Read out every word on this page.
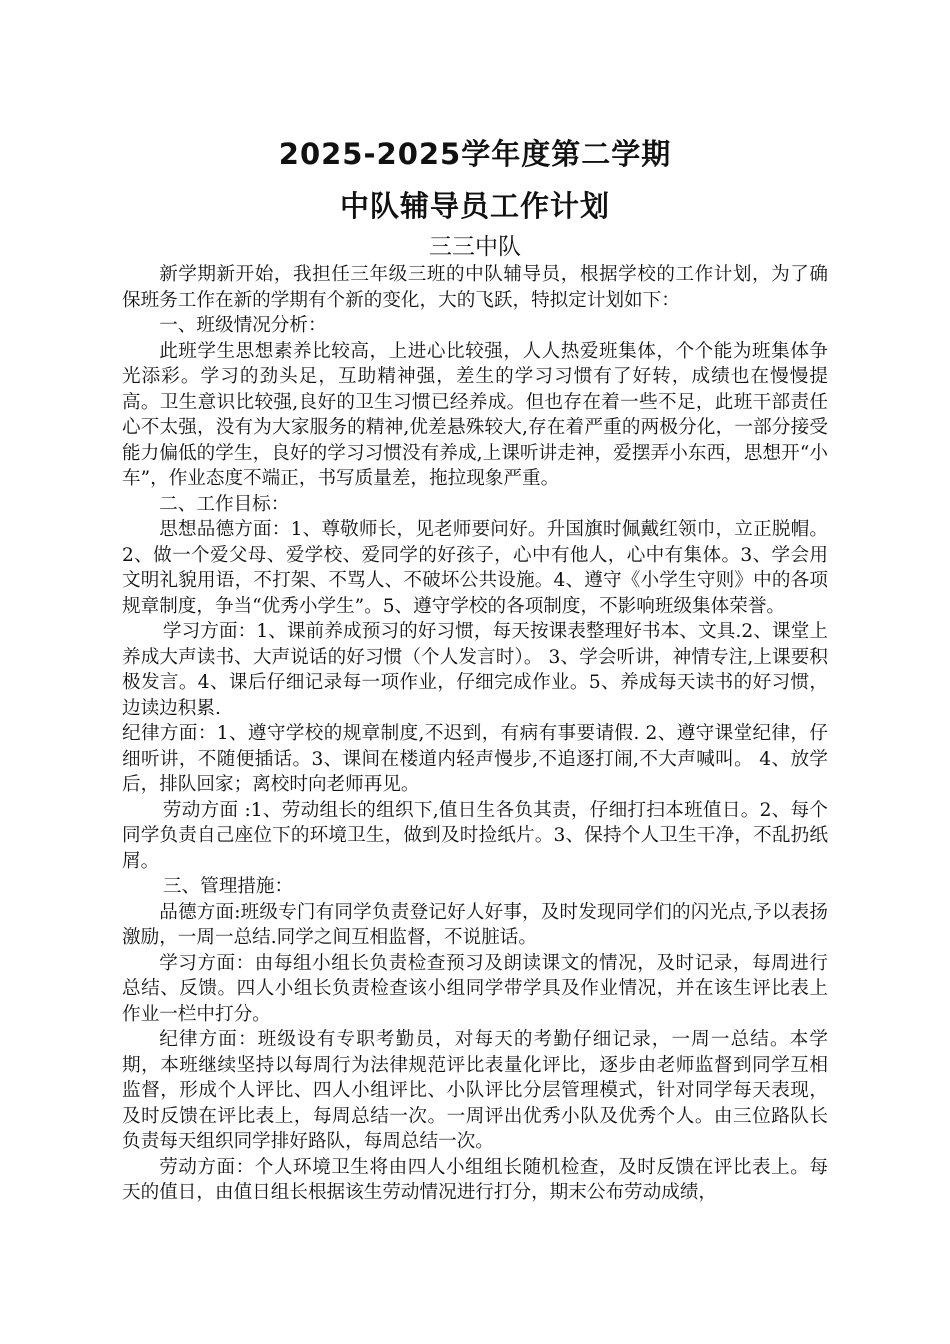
2025-2025学年度第二学期

中队辅导员工作计划

三三中队

新学期新开始，我担任三年级三班的中队辅导员，根据学校的工作计划，为了确保班务工作在新的学期有个新的变化，大的飞跃，特拟定计划如下：

一、班级情况分析：

此班学生思想素养比较高，上进心比较强，人人热爱班集体，个个能为班集体争光添彩。学习的劲头足，互助精神强，差生的学习习惯有了好转，成绩也在慢慢提高。卫生意识比较强,良好的卫生习惯已经养成。但也存在着一些不足，此班干部责任心不太强，没有为大家服务的精神,优差悬殊较大,存在着严重的两极分化，一部分接受能力偏低的学生，良好的学习习惯没有养成,上课听讲走神，爱摆弄小东西，思想开“小车”，作业态度不端正，书写质量差，拖拉现象严重。

二、工作目标：

思想品德方面：1、尊敬师长，见老师要问好。升国旗时佩戴红领巾，立正脱帽。2、做一个爱父母、爱学校、爱同学的好孩子，心中有他人，心中有集体。3、学会用文明礼貌用语，不打架、不骂人、不破坏公共设施。4、遵守《小学生守则》中的各项规章制度，争当“优秀小学生”。5、遵守学校的各项制度，不影响班级集体荣誉。

学习方面：1、课前养成预习的好习惯，每天按课表整理好书本、文具.2、课堂上养成大声读书、大声说话的好习惯（个人发言时）。 3、学会听讲，神情专注,上课要积极发言。4、课后仔细记录每一项作业，仔细完成作业。5、养成每天读书的好习惯，边读边积累.

纪律方面：1、遵守学校的规章制度,不迟到，有病有事要请假. 2、遵守课堂纪律，仔细听讲，不随便插话。3、课间在楼道内轻声慢步,不追逐打闹,不大声喊叫。 4、放学后，排队回家；离校时向老师再见。

劳动方面 :1、劳动组长的组织下,值日生各负其责，仔细打扫本班值日。2、每个同学负责自己座位下的环境卫生，做到及时捡纸片。3、保持个人卫生干净，不乱扔纸屑。

三、管理措施：

品德方面:班级专门有同学负责登记好人好事，及时发现同学们的闪光点,予以表扬激励，一周一总结.同学之间互相监督，不说脏话。

学习方面：由每组小组长负责检查预习及朗读课文的情况，及时记录，每周进行总结、反馈。四人小组长负责检查该小组同学带学具及作业情况，并在该生评比表上作业一栏中打分。

纪律方面：班级设有专职考勤员，对每天的考勤仔细记录，一周一总结。本学期，本班继续坚持以每周行为法律规范评比表量化评比，逐步由老师监督到同学互相监督，形成个人评比、四人小组评比、小队评比分层管理模式，针对同学每天表现，及时反馈在评比表上，每周总结一次。一周评出优秀小队及优秀个人。由三位路队长负责每天组织同学排好路队，每周总结一次。

劳动方面：个人环境卫生将由四人小组组长随机检查，及时反馈在评比表上。每天的值日，由值日组长根据该生劳动情况进行打分，期末公布劳动成绩，
